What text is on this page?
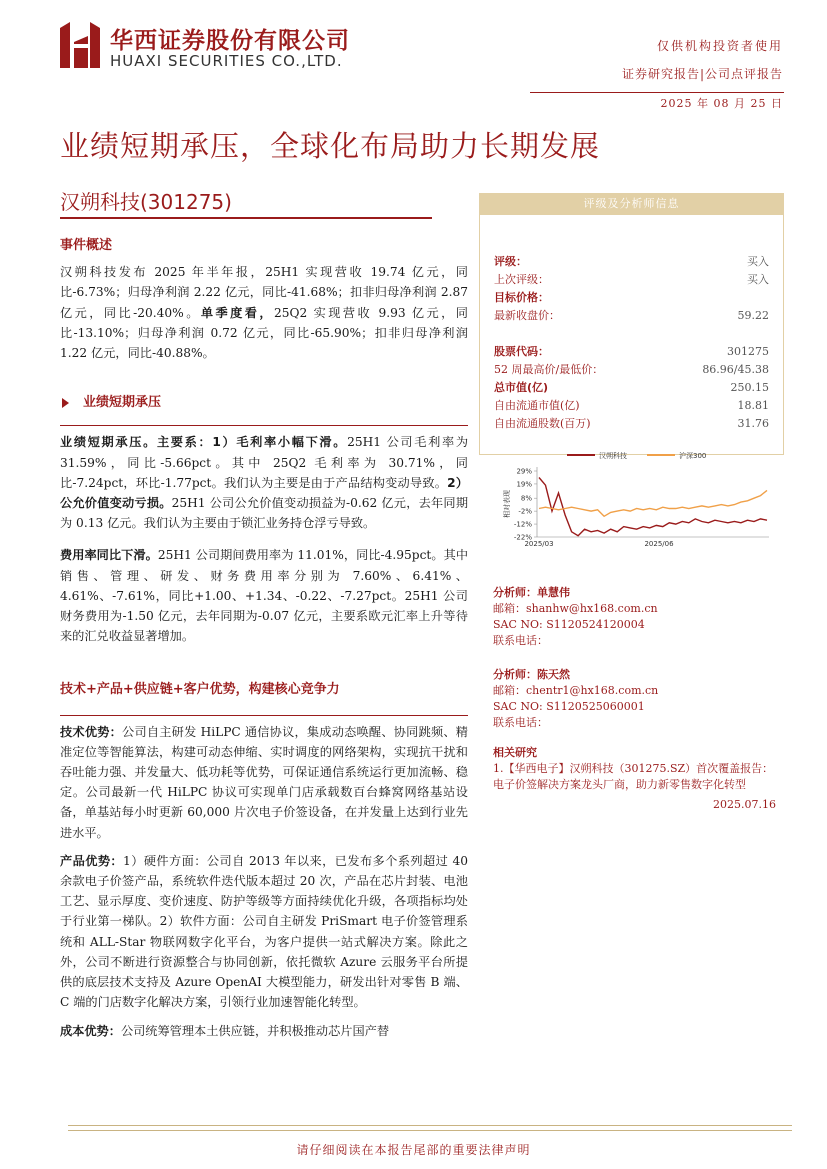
华西证券股份有限公司
HUAXI SECURITIES CO.,LTD.
仅供机构投资者使用
证券研究报告|公司点评报告
2025 年 08 月 25 日
业绩短期承压，全球化布局助力长期发展
汉朔科技(301275)
事件概述
汉朔科技发布 2025 年半年报，25H1 实现营收 19.74 亿元，同比-6.73%；归母净利润 2.22 亿元，同比-41.68%；扣非归母净利润 2.87 亿元，同比-20.40%。单季度看，25Q2 实现营收 9.93 亿元，同比-13.10%；归母净利润 0.72 亿元，同比-65.90%；扣非归母净利润 1.22 亿元，同比-40.88%。
业绩短期承压
业绩短期承压。主要系：1）毛利率小幅下滑。25H1 公司毛利率为 31.59%，同比-5.66pct。其中 25Q2 毛利率为 30.71%，同比-7.24pct，环比-1.77pct。我们认为主要是由于产品结构变动导致。2）公允价值变动亏损。25H1 公司公允价值变动损益为-0.62 亿元，去年同期为 0.13 亿元。我们认为主要由于锁汇业务持仓浮亏导致。
费用率同比下滑。25H1 公司期间费用率为 11.01%，同比-4.95pct。其中销售、管理、研发、财务费用率分别为 7.60%、6.41%、4.61%、-7.61%，同比+1.00、+1.34、-0.22、-7.27pct。25H1 公司财务费用为-1.50 亿元，去年同期为-0.07 亿元，主要系欧元汇率上升等待来的汇兑收益显著增加。
技术+产品+供应链+客户优势，构建核心竞争力
技术优势：公司自主研发 HiLPC 通信协议，集成动态唤醒、协同跳频、精准定位等智能算法，构建可动态伸缩、实时调度的网络架构，实现抗干扰和吞吐能力强、并发量大、低功耗等优势，可保证通信系统运行更加流畅、稳定。公司最新一代 HiLPC 协议可实现单门店承载数百台蜂窝网络基站设备，单基站每小时更新 60,000 片次电子价签设备，在并发量上达到行业先进水平。
产品优势：1）硬件方面：公司自 2013 年以来，已发布多个系列超过 40 余款电子价签产品，系统软件迭代版本超过 20 次，产品在芯片封装、电池工艺、显示厚度、变价速度、防护等级等方面持续优化升级，各项指标均处于行业第一梯队。2）软件方面：公司自主研发 PriSmart 电子价签管理系统和 ALL-Star 物联网数字化平台，为客户提供一站式解决方案。除此之外，公司不断进行资源整合与协同创新，依托微软 Azure 云服务平台所提供的底层技术支持及 Azure OpenAI 大模型能力，研发出针对零售 B 端、C 端的门店数字化解决方案，引领行业加速智能化转型。
成本优势：公司统筹管理本土供应链，并积极推动芯片国产替
评级及分析师信息
评级：	买入
上次评级：	买入
目标价格：
最新收盘价：	59.22
股票代码：	301275
52 周最高价/最低价：	86.96/45.38
总市值(亿)	250.15
自由流通市值(亿)	18.81
自由流通股数(百万)	31.76
汉朔科技	沪深300
29%
19%
8%
-2%
-12%
-22%
相对表现
2025/03	2025/06
分析师：单慧伟
邮箱：shanhw@hx168.com.cn
SAC NO: S1120524120004
联系电话：
分析师：陈天然
邮箱：chentr1@hx168.com.cn
SAC NO: S1120525060001
联系电话：
相关研究
1.【华西电子】汉朔科技（301275.SZ）首次覆盖报告：电子价签解决方案龙头厂商，助力新零售数字化转型
2025.07.16
请仔细阅读在本报告尾部的重要法律声明
